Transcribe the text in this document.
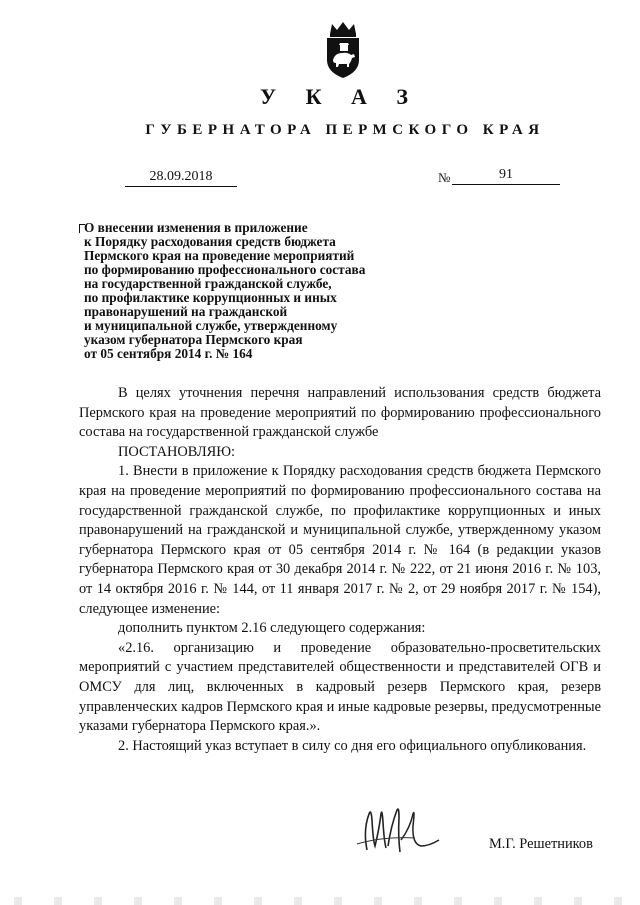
У К А З
ГУБЕРНАТОРА ПЕРМСКОГО КРАЯ
28.09.2018	№	91
О внесении изменения в приложение
к Порядку расходования средств бюджета
Пермского края на проведение мероприятий
по формированию профессионального состава
на государственной гражданской службе,
по профилактике коррупционных и иных
правонарушений на гражданской
и муниципальной службе, утвержденному
указом губернатора Пермского края
от 05 сентября 2014 г. № 164

В целях уточнения перечня направлений использования средств бюджета Пермского края на проведение мероприятий по формированию профессионального состава на государственной гражданской службе

ПОСТАНОВЛЯЮ:

1. Внести в приложение к Порядку расходования средств бюджета Пермского края на проведение мероприятий по формированию профессионального состава на государственной гражданской службе, по профилактике коррупционных и иных правонарушений на гражданской и муниципальной службе, утвержденному указом губернатора Пермского края от 05 сентября 2014 г. № 164 (в редакции указов губернатора Пермского края от 30 декабря 2014 г. № 222, от 21 июня 2016 г. № 103, от 14 октября 2016 г. № 144, от 11 января 2017 г. № 2, от 29 ноября 2017 г. № 154), следующее изменение:

дополнить пунктом 2.16 следующего содержания:

«2.16. организацию и проведение образовательно-просветительских мероприятий с участием представителей общественности и представителей ОГВ и ОМСУ для лиц, включенных в кадровый резерв Пермского края, резерв управленческих кадров Пермского края и иные кадровые резервы, предусмотренные указами губернатора Пермского края.».

2. Настоящий указ вступает в силу со дня его официального опубликования.

М.Г. Решетников
